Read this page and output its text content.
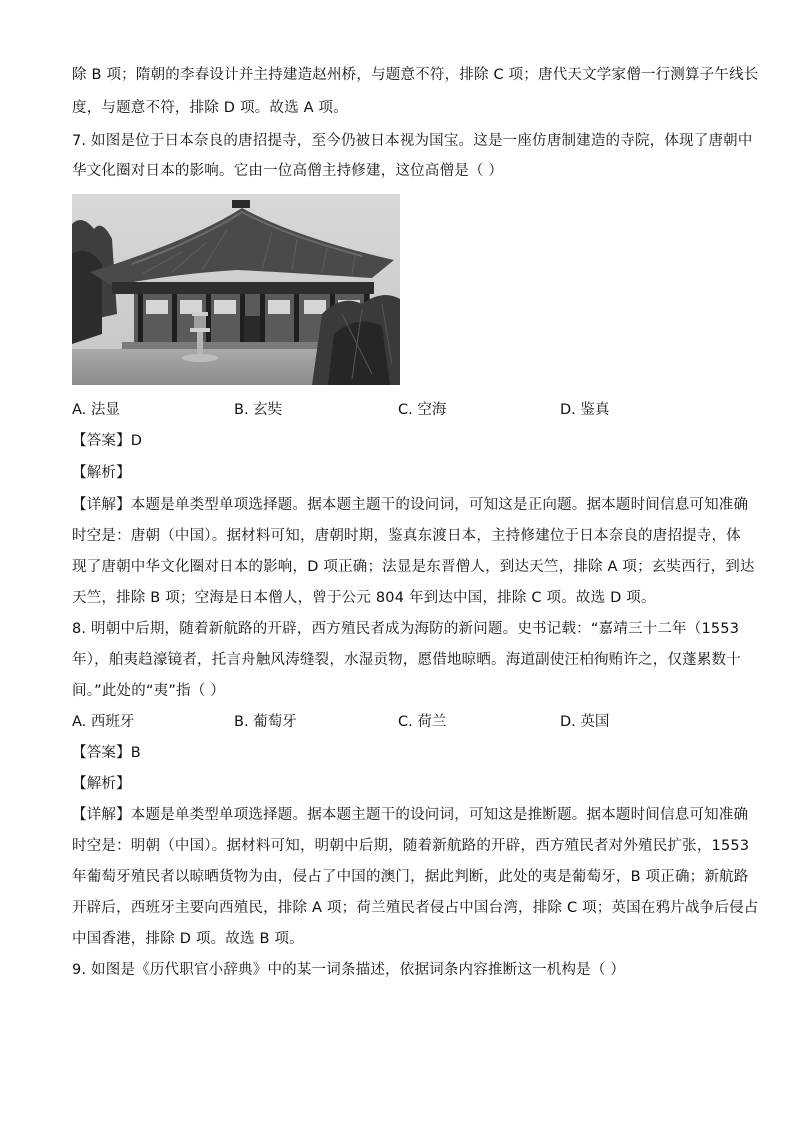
除 B 项；隋朝的李春设计并主持建造赵州桥，与题意不符，排除 C 项；唐代天文学家僧一行测算子午线长
度，与题意不符，排除 D 项。故选 A 项。
7. 如图是位于日本奈良的唐招提寺，至今仍被日本视为国宝。这是一座仿唐制建造的寺院，体现了唐朝中
华文化圈对日本的影响。它由一位高僧主持修建，这位高僧是（ ）
A. 法显	B. 玄奘	C. 空海	D. 鉴真
【答案】D
【解析】
【详解】本题是单类型单项选择题。据本题主题干的设问词，可知这是正向题。据本题时间信息可知准确
时空是：唐朝（中国）。据材料可知，唐朝时期，鉴真东渡日本，主持修建位于日本奈良的唐招提寺，体
现了唐朝中华文化圈对日本的影响，D 项正确；法显是东晋僧人，到达天竺，排除 A 项；玄奘西行，到达
天竺，排除 B 项；空海是日本僧人，曾于公元 804 年到达中国，排除 C 项。故选 D 项。
8. 明朝中后期，随着新航路的开辟，西方殖民者成为海防的新问题。史书记载：“嘉靖三十二年（1553
年），舶夷趋濠镜者，托言舟触风涛缝裂，水湿贡物，愿借地晾晒。海道副使汪柏徇贿许之，仅蓬累数十
间。”此处的“夷”指（ ）
A. 西班牙	B. 葡萄牙	C. 荷兰	D. 英国
【答案】B
【解析】
【详解】本题是单类型单项选择题。据本题主题干的设问词，可知这是推断题。据本题时间信息可知准确
时空是：明朝（中国）。据材料可知，明朝中后期，随着新航路的开辟，西方殖民者对外殖民扩张，1553
年葡萄牙殖民者以晾晒货物为由，侵占了中国的澳门，据此判断，此处的夷是葡萄牙，B 项正确；新航路
开辟后，西班牙主要向西殖民，排除 A 项；荷兰殖民者侵占中国台湾，排除 C 项；英国在鸦片战争后侵占
中国香港，排除 D 项。故选 B 项。
9. 如图是《历代职官小辞典》中的某一词条描述，依据词条内容推断这一机构是（ ）
